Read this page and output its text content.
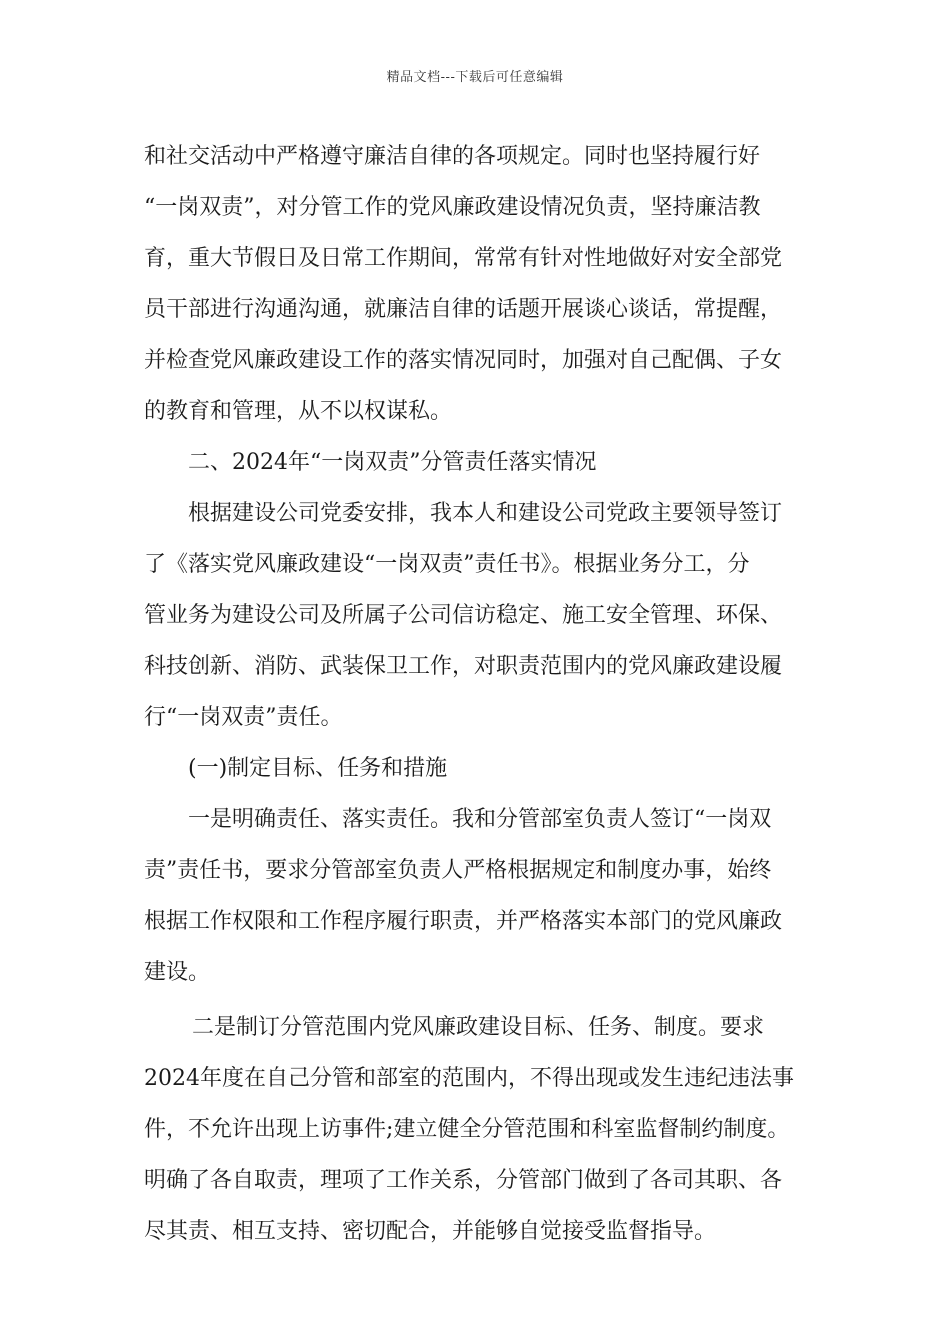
精品文档---下载后可任意编辑
和社交活动中严格遵守廉洁自律的各项规定。同时也坚持履行好
“一岗双责”，对分管工作的党风廉政建设情况负责，坚持廉洁教
育，重大节假日及日常工作期间，常常有针对性地做好对安全部党
员干部进行沟通沟通，就廉洁自律的话题开展谈心谈话，常提醒，
并检查党风廉政建设工作的落实情况同时，加强对自己配偶、子女
的教育和管理，从不以权谋私。
二、2024年“一岗双责”分管责任落实情况
根据建设公司党委安排，我本人和建设公司党政主要领导签订
了《落实党风廉政建设“一岗双责”责任书》。根据业务分工，分
管业务为建设公司及所属子公司信访稳定、施工安全管理、环保、
科技创新、消防、武装保卫工作，对职责范围内的党风廉政建设履
行“一岗双责”责任。
(一)制定目标、任务和措施
一是明确责任、落实责任。我和分管部室负责人签订“一岗双
责”责任书，要求分管部室负责人严格根据规定和制度办事，始终
根据工作权限和工作程序履行职责，并严格落实本部门的党风廉政
建设。
二是制订分管范围内党风廉政建设目标、任务、制度。要求
2024年度在自己分管和部室的范围内，不得出现或发生违纪违法事
件，不允许出现上访事件;建立健全分管范围和科室监督制约制度。
明确了各自取责，理项了工作关系，分管部门做到了各司其职、各
尽其责、相互支持、密切配合，并能够自觉接受监督指导。
